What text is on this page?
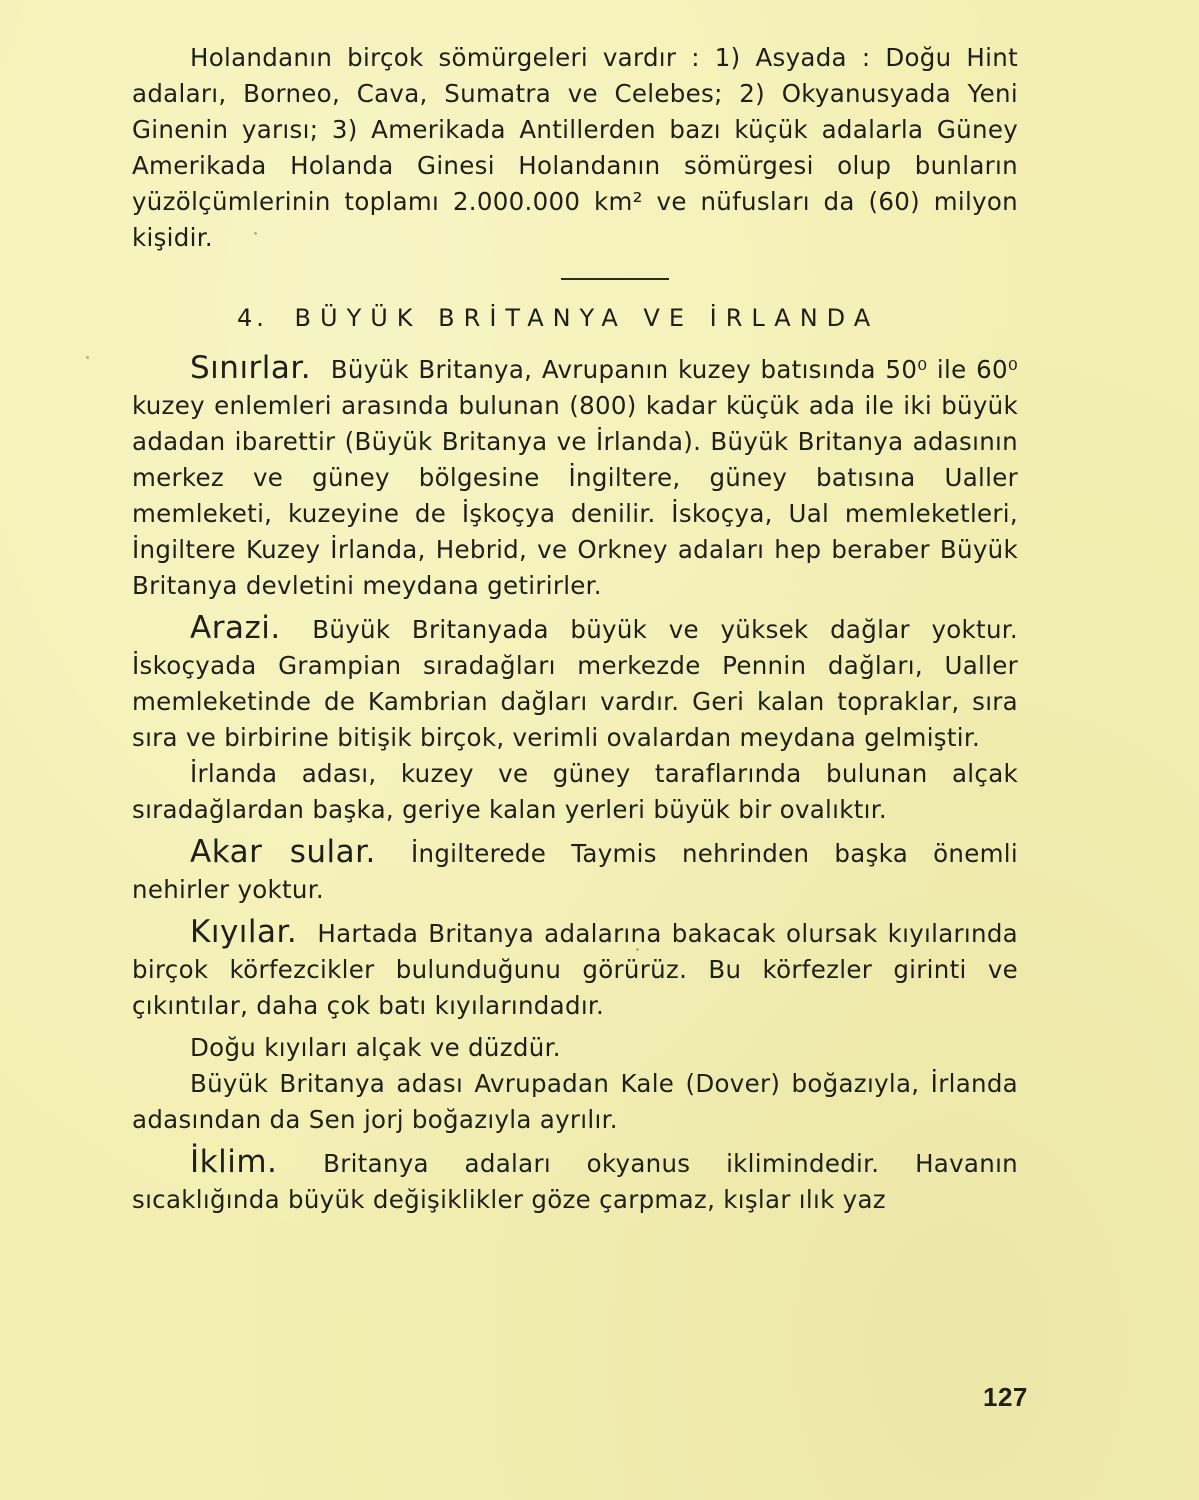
Holandanın birçok sömürgeleri vardır : 1) Asyada : Doğu Hint adaları, Borneo, Cava, Sumatra ve Celebes; 2) Okyanusyada Yeni Ginenin yarısı; 3) Amerikada Antillerden bazı küçük adalarla Güney Amerikada Holanda Ginesi Holandanın sömürgesi olup bunların yüzölçümlerinin toplamı 2.000.000 km² ve nüfusları da (60) milyon kişidir.

4. BÜYÜK BRİTANYA VE İRLANDA

Sınırlar. Büyük Britanya, Avrupanın kuzey batısında 50⁰ ile 60⁰ kuzey enlemleri arasında bulunan (800) kadar küçük ada ile iki büyük adadan ibarettir (Büyük Britanya ve İrlanda). Büyük Britanya adasının merkez ve güney bölgesine İngiltere, güney batısına Ualler memleketi, kuzeyine de İşkoçya denilir. İskoçya, Ual memleketleri, İngiltere Kuzey İrlanda, Hebrid, ve Orkney adaları hep beraber Büyük Britanya devletini meydana getirirler.

Arazi. Büyük Britanyada büyük ve yüksek dağlar yoktur. İskoçyada Grampian sıradağları merkezde Pennin dağları, Ualler memleketinde de Kambrian dağları vardır. Geri kalan topraklar, sıra sıra ve birbirine bitişik birçok, verimli ovalardan meydana gelmiştir.

İrlanda adası, kuzey ve güney taraflarında bulunan alçak sıradağlardan başka, geriye kalan yerleri büyük bir ovalıktır.

Akar sular. İngilterede Taymis nehrinden başka önemli nehirler yoktur.

Kıyılar. Hartada Britanya adalarına bakacak olursak kıyılarında birçok körfezcikler bulunduğunu görürüz. Bu körfezler girinti ve çıkıntılar, daha çok batı kıyılarındadır.

Doğu kıyıları alçak ve düzdür.

Büyük Britanya adası Avrupadan Kale (Dover) boğazıyla, İrlanda adasından da Sen jorj boğazıyla ayrılır.

İklim. Britanya adaları okyanus iklimindedir. Havanın sıcaklığında büyük değişiklikler göze çarpmaz, kışlar ılık yaz

127
